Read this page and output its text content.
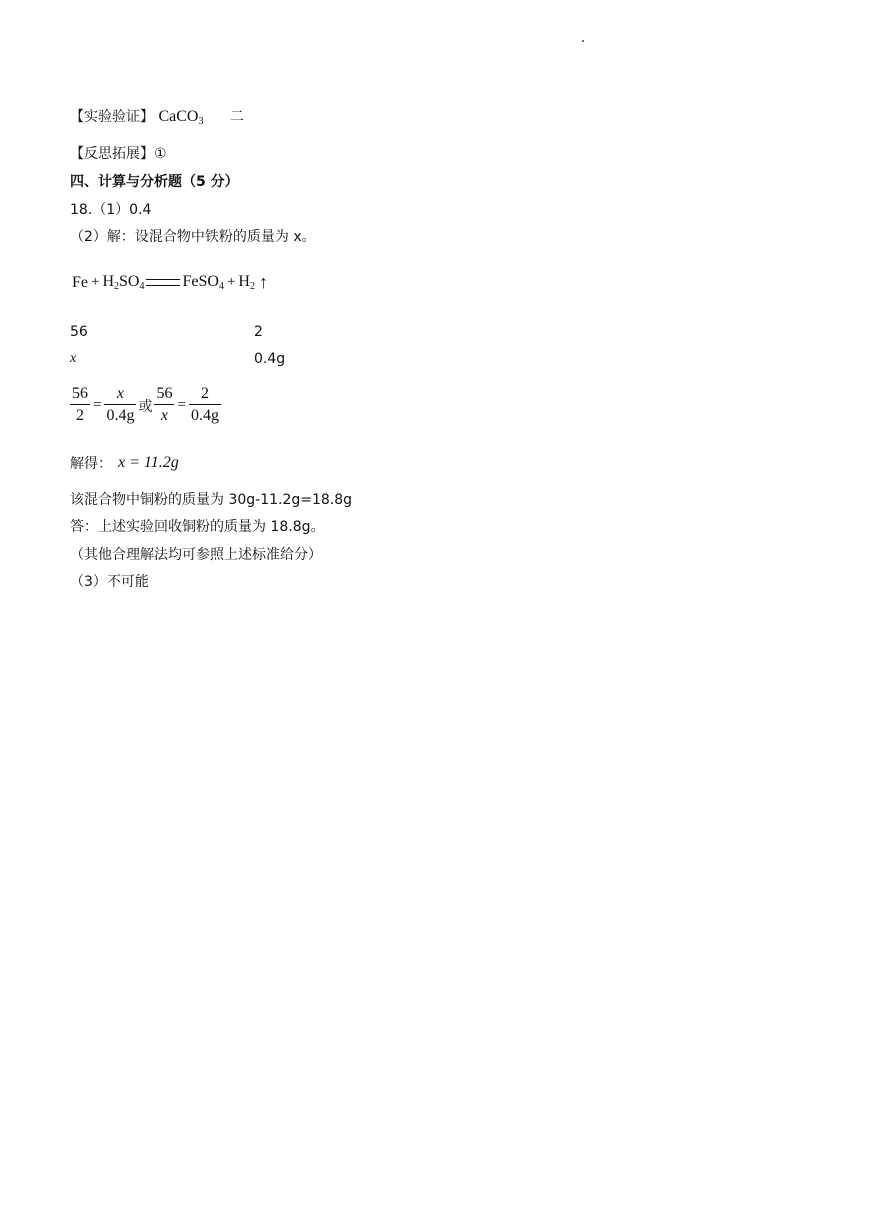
【实验验证】 CaCO$_3$ 二
【反思拓展】①
四、计算与分析题（5 分）
18.（1）0.4
（2）解：设混合物中铁粉的质量为 x。
$Fe + H_2SO_4$ FeSO$_4$ + $H_2$ ↑
56	2
x	0.4g
$\frac{56}{2} = \frac{x}{0.4g}$ 或 $\frac{56}{x} = \frac{2}{0.4g}$
解得： x = 11.2g
该混合物中铜粉的质量为 30g-11.2g=18.8g
答：上述实验回收铜粉的质量为 18.8g。
（其他合理解法均可参照上述标准给分）
（3）不可能
